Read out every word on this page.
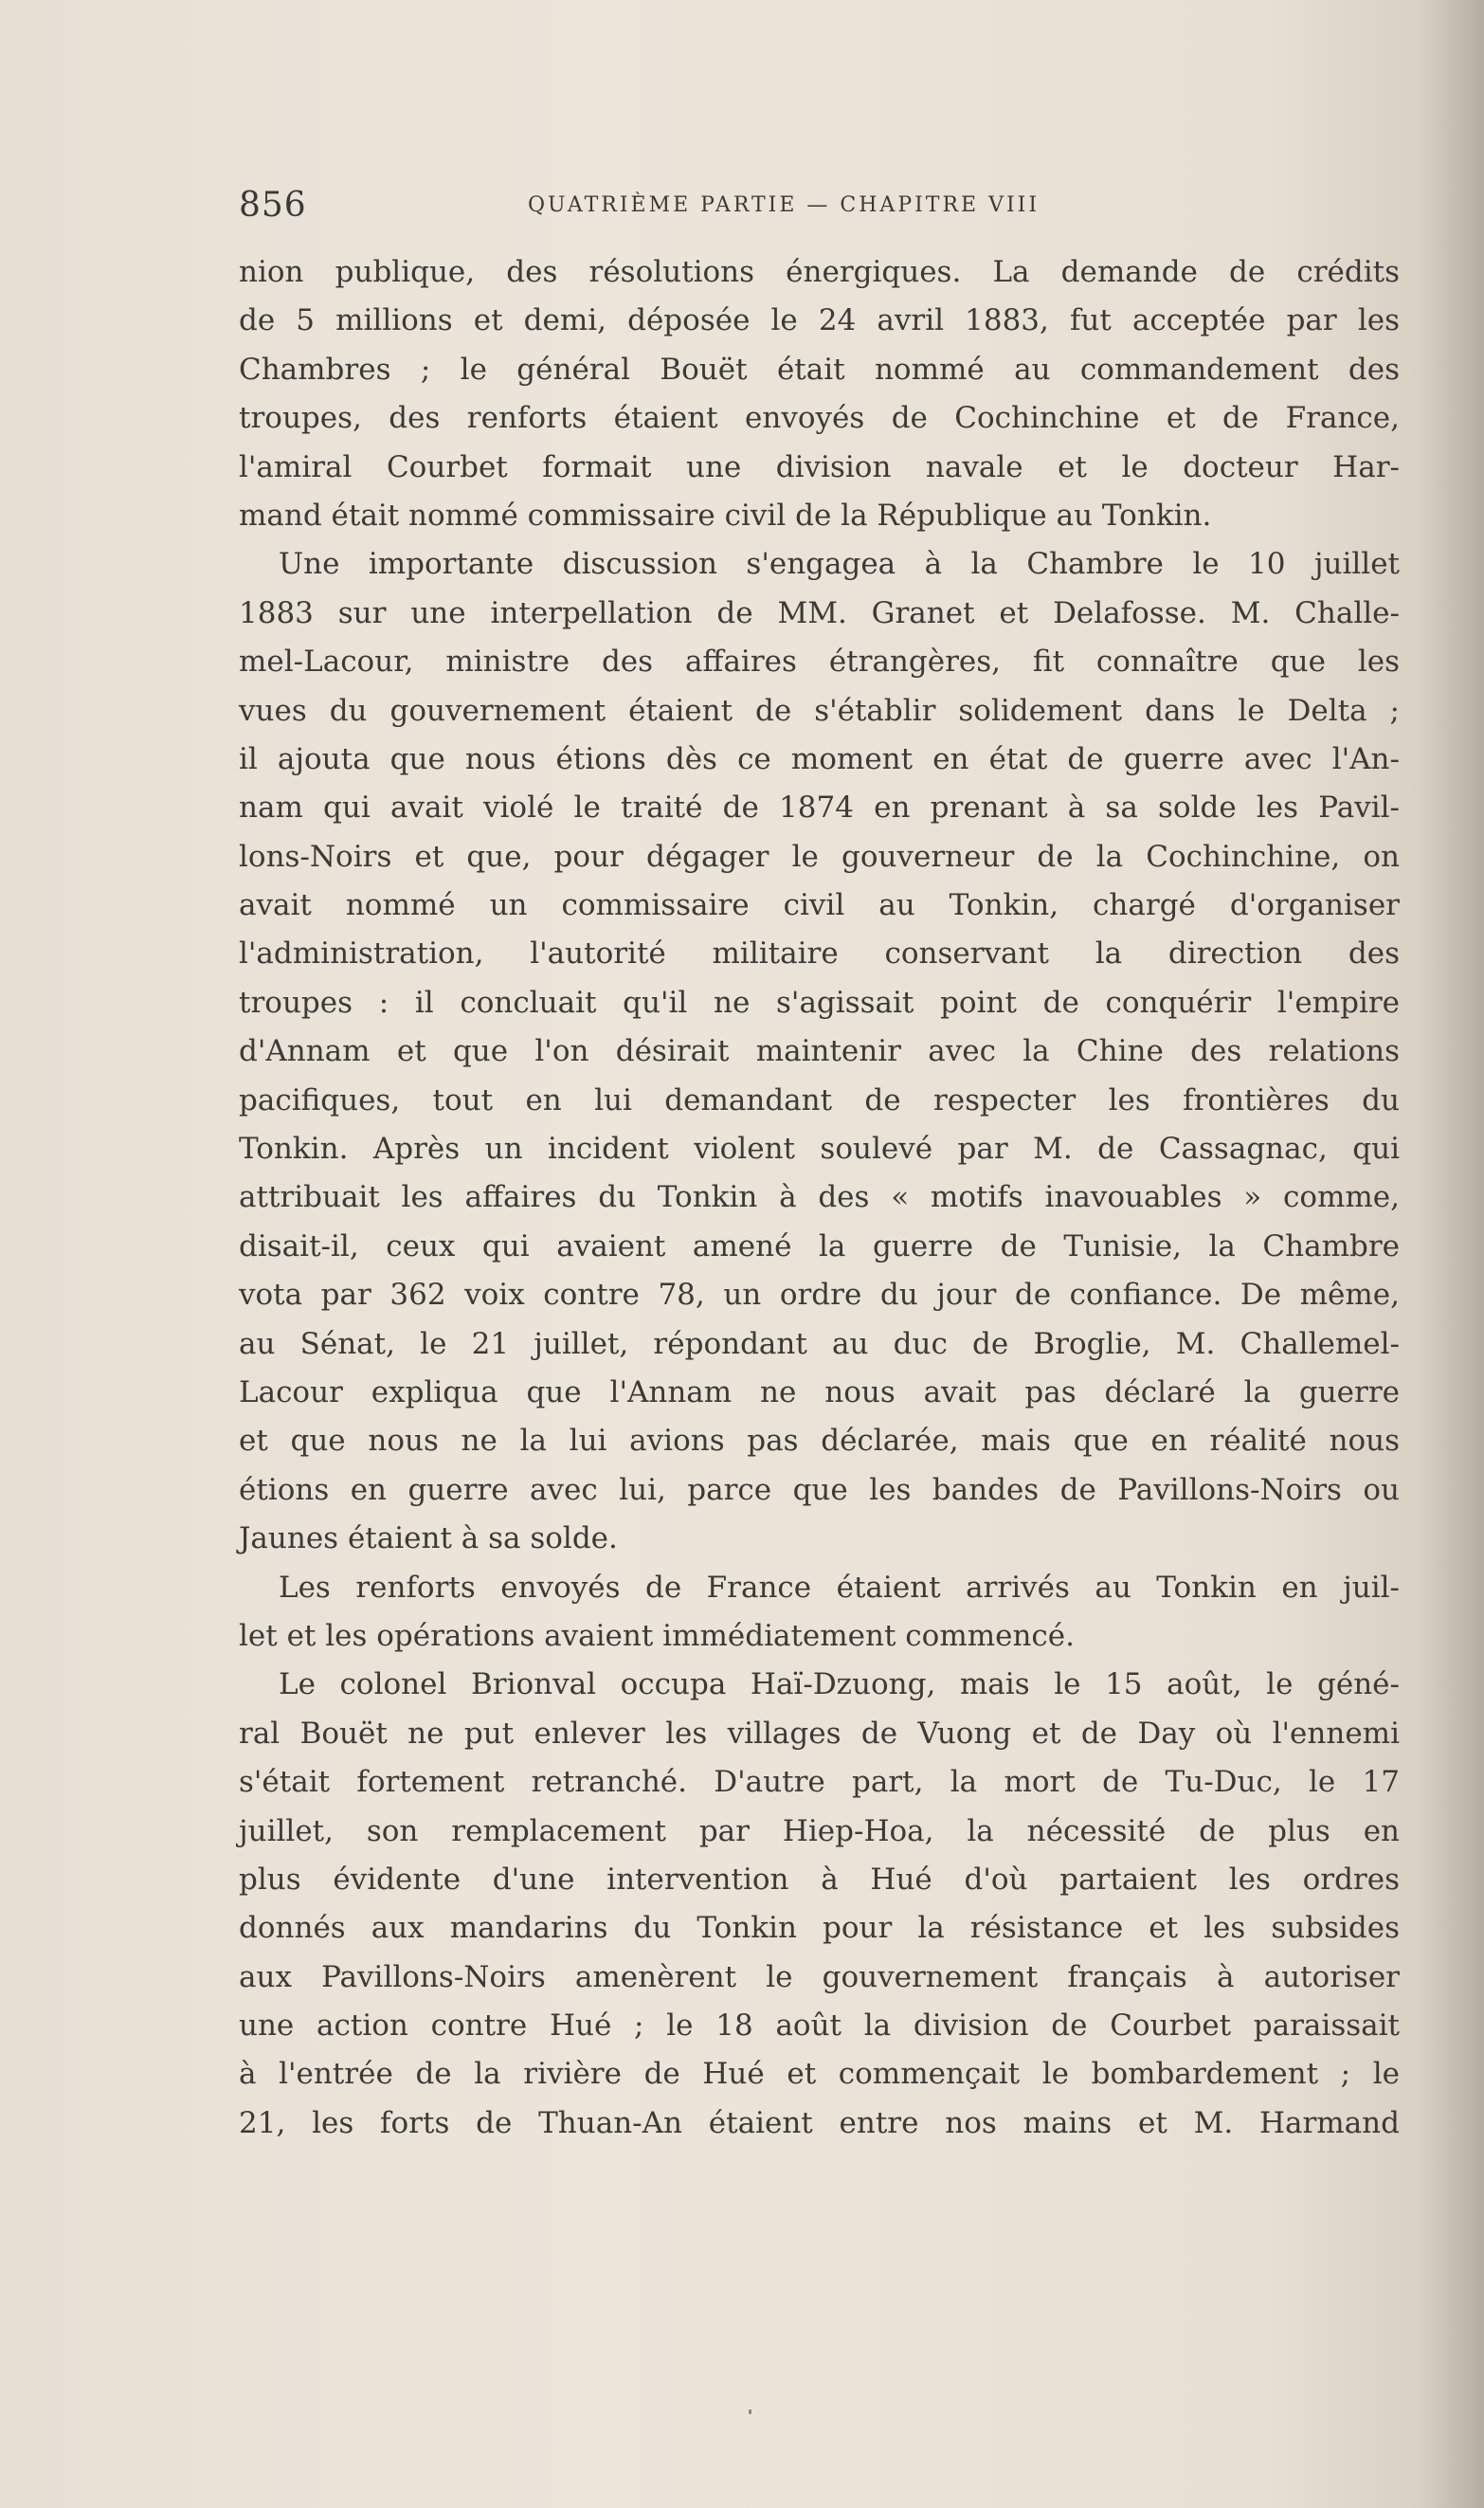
856	QUATRIÈME PARTIE — CHAPITRE VIII
nion publique, des résolutions énergiques. La demande de crédits
de 5 millions et demi, déposée le 24 avril 1883, fut acceptée par les
Chambres ; le général Bouët était nommé au commandement des
troupes, des renforts étaient envoyés de Cochinchine et de France,
l'amiral Courbet formait une division navale et le docteur Har-
mand était nommé commissaire civil de la République au Tonkin.
Une importante discussion s'engagea à la Chambre le 10 juillet
1883 sur une interpellation de MM. Granet et Delafosse. M. Challe-
mel-Lacour, ministre des affaires étrangères, fit connaître que les
vues du gouvernement étaient de s'établir solidement dans le Delta ;
il ajouta que nous étions dès ce moment en état de guerre avec l'An-
nam qui avait violé le traité de 1874 en prenant à sa solde les Pavil-
lons-Noirs et que, pour dégager le gouverneur de la Cochinchine, on
avait nommé un commissaire civil au Tonkin, chargé d'organiser
l'administration, l'autorité militaire conservant la direction des
troupes : il concluait qu'il ne s'agissait point de conquérir l'empire
d'Annam et que l'on désirait maintenir avec la Chine des relations
pacifiques, tout en lui demandant de respecter les frontières du
Tonkin. Après un incident violent soulevé par M. de Cassagnac, qui
attribuait les affaires du Tonkin à des « motifs inavouables » comme,
disait-il, ceux qui avaient amené la guerre de Tunisie, la Chambre
vota par 362 voix contre 78, un ordre du jour de confiance. De même,
au Sénat, le 21 juillet, répondant au duc de Broglie, M. Challemel-
Lacour expliqua que l'Annam ne nous avait pas déclaré la guerre
et que nous ne la lui avions pas déclarée, mais que en réalité nous
étions en guerre avec lui, parce que les bandes de Pavillons-Noirs ou
Jaunes étaient à sa solde.
Les renforts envoyés de France étaient arrivés au Tonkin en juil-
let et les opérations avaient immédiatement commencé.
Le colonel Brionval occupa Haï-Dzuong, mais le 15 août, le géné-
ral Bouët ne put enlever les villages de Vuong et de Day où l'ennemi
s'était fortement retranché. D'autre part, la mort de Tu-Duc, le 17
juillet, son remplacement par Hiep-Hoa, la nécessité de plus en
plus évidente d'une intervention à Hué d'où partaient les ordres
donnés aux mandarins du Tonkin pour la résistance et les subsides
aux Pavillons-Noirs amenèrent le gouvernement français à autoriser
une action contre Hué ; le 18 août la division de Courbet paraissait
à l'entrée de la rivière de Hué et commençait le bombardement ; le
21, les forts de Thuan-An étaient entre nos mains et M. Harmand
